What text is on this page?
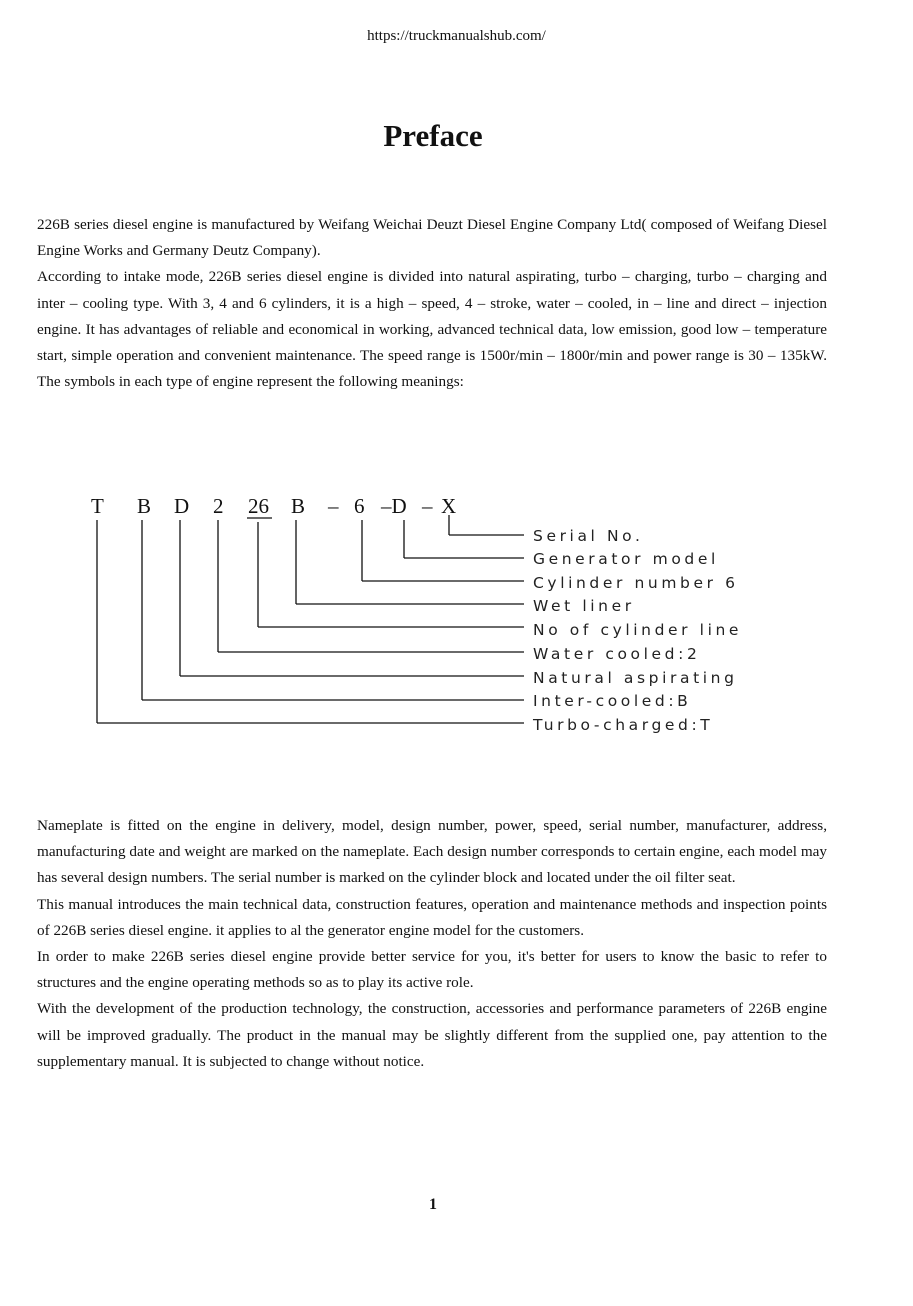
https://truckmanualshub.com/
Preface

226B series diesel engine is manufactured by Weifang Weichai Deuzt Diesel Engine Company Ltd( composed of Weifang Diesel Engine Works and Germany Deutz Company).

According to intake mode, 226B series diesel engine is divided into natural aspirating, turbo – charging, turbo – charging and inter – cooling type. With 3, 4 and 6 cylinders, it is a high – speed, 4 – stroke, water – cooled, in – line and direct – injection engine. It has advantages of reliable and economical in working, advanced technical data, low emission, good low – temperature start, simple operation and convenient maintenance. The speed range is 1500r/min – 1800r/min and power range is 30 – 135kW. The symbols in each type of engine represent the following meanings:

T B D 2 26 B – 6 –D – X
Serial No.
Generator model
Cylinder number 6
Wet liner
No of cylinder line
Water cooled:2
Natural aspirating
Inter-cooled:B
Turbo-charged:T

Nameplate is fitted on the engine in delivery, model, design number, power, speed, serial number, manufacturer, address, manufacturing date and weight are marked on the nameplate. Each design number corresponds to certain engine, each model may has several design numbers. The serial number is marked on the cylinder block and located under the oil filter seat.

This manual introduces the main technical data, construction features, operation and maintenance methods and inspection points of 226B series diesel engine. it applies to al the generator engine model for the customers.

In order to make 226B series diesel engine provide better service for you, it's better for users to know the basic to refer to structures and the engine operating methods so as to play its active role.

With the development of the production technology, the construction, accessories and performance parameters of 226B engine will be improved gradually. The product in the manual may be slightly different from the supplied one, pay attention to the supplementary manual. It is subjected to change without notice.

1
